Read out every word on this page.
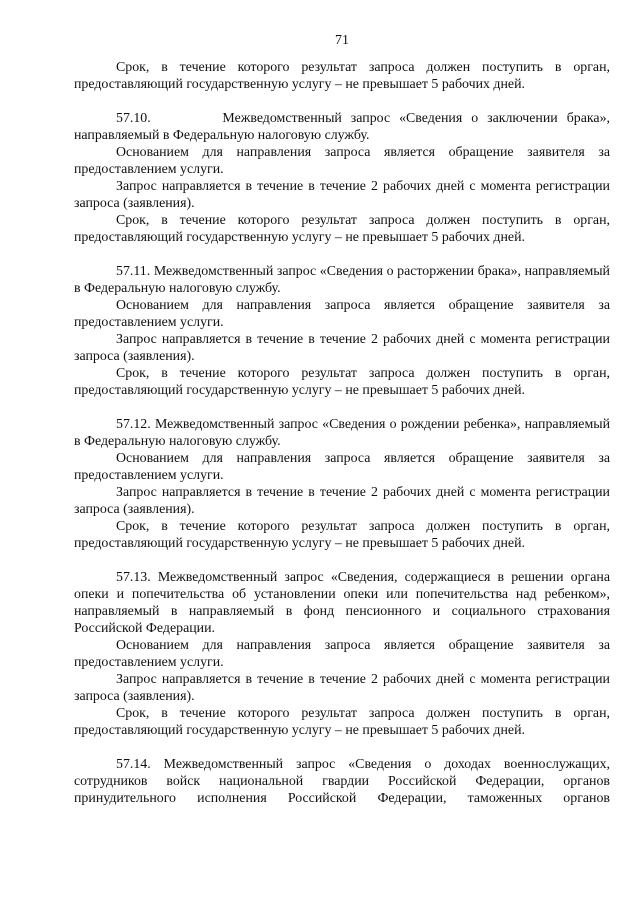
71

Срок, в течение которого результат запроса должен поступить в орган, предоставляющий государственную услугу – не превышает 5 рабочих дней.

57.10.        Межведомственный запрос «Сведения о заключении брака», направляемый в Федеральную налоговую службу.

Основанием для направления запроса является обращение заявителя за предоставлением услуги.

Запрос направляется в течение в течение 2 рабочих дней с момента регистрации запроса (заявления).

Срок, в течение которого результат запроса должен поступить в орган, предоставляющий государственную услугу – не превышает 5 рабочих дней.

57.11. Межведомственный запрос «Сведения о расторжении брака», направляемый в Федеральную налоговую службу.

Основанием для направления запроса является обращение заявителя за предоставлением услуги.

Запрос направляется в течение в течение 2 рабочих дней с момента регистрации запроса (заявления).

Срок, в течение которого результат запроса должен поступить в орган, предоставляющий государственную услугу – не превышает 5 рабочих дней.

57.12. Межведомственный запрос «Сведения о рождении ребенка», направляемый в Федеральную налоговую службу.

Основанием для направления запроса является обращение заявителя за предоставлением услуги.

Запрос направляется в течение в течение 2 рабочих дней с момента регистрации запроса (заявления).

Срок, в течение которого результат запроса должен поступить в орган, предоставляющий государственную услугу – не превышает 5 рабочих дней.

57.13. Межведомственный запрос «Сведения, содержащиеся в решении органа опеки и попечительства об установлении опеки или попечительства над ребенком», направляемый в направляемый в фонд пенсионного и социального страхования Российской Федерации.

Основанием для направления запроса является обращение заявителя за предоставлением услуги.

Запрос направляется в течение в течение 2 рабочих дней с момента регистрации запроса (заявления).

Срок, в течение которого результат запроса должен поступить в орган, предоставляющий государственную услугу – не превышает 5 рабочих дней.

57.14. Межведомственный запрос «Сведения о доходах военнослужащих, сотрудников войск национальной гвардии Российской Федерации, органов принудительного исполнения Российской Федерации, таможенных органов
